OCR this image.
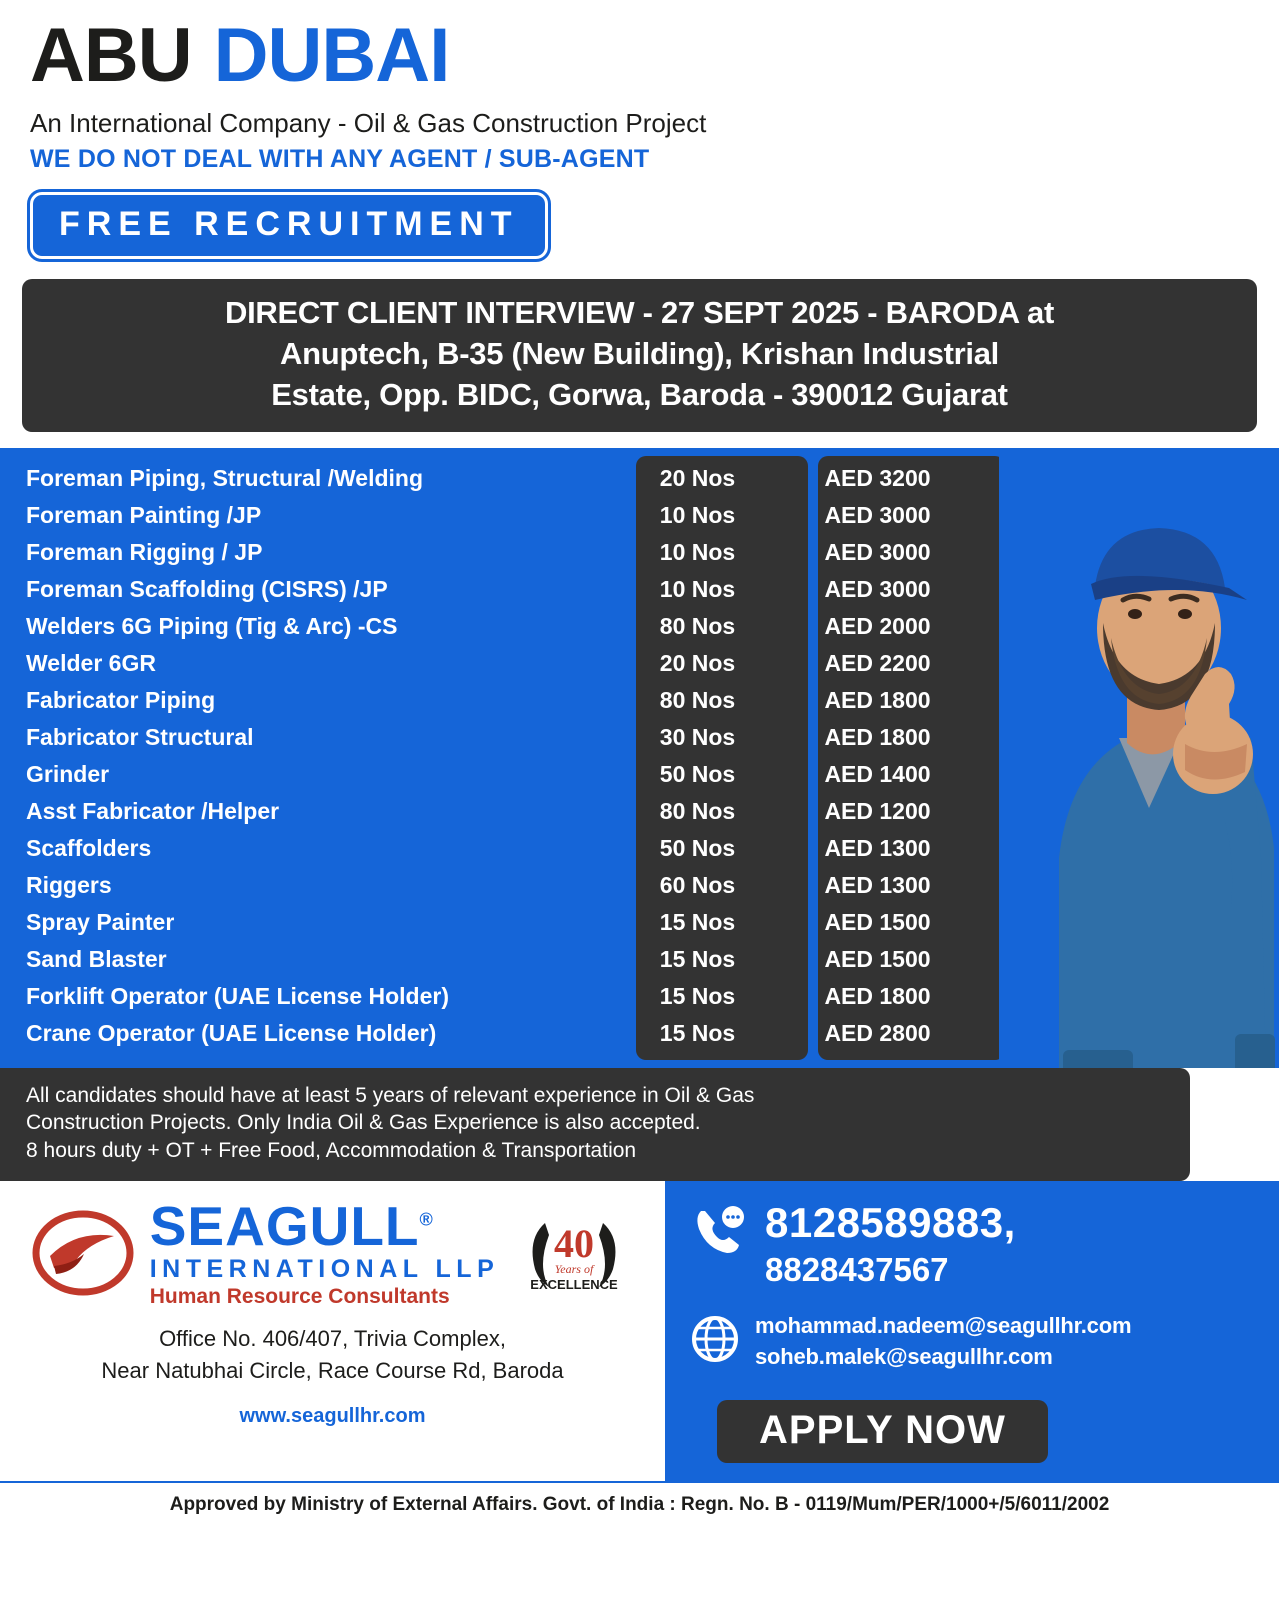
ABU DUBAI
An International Company - Oil & Gas Construction Project
WE DO NOT DEAL WITH ANY AGENT / SUB-AGENT
FREE RECRUITMENT
DIRECT CLIENT INTERVIEW - 27 SEPT 2025 - BARODA at
Anuptech, B-35 (New Building), Krishan Industrial
Estate, Opp. BIDC, Gorwa, Baroda - 390012 Gujarat
Foreman Piping, Structural /Welding	20 Nos	AED 3200
Foreman Painting /JP	10 Nos	AED 3000
Foreman Rigging / JP	10 Nos	AED 3000
Foreman Scaffolding (CISRS) /JP	10 Nos	AED 3000
Welders 6G Piping (Tig & Arc) -CS	80 Nos	AED 2000
Welder 6GR	20 Nos	AED 2200
Fabricator Piping	80 Nos	AED 1800
Fabricator Structural	30 Nos	AED 1800
Grinder	50 Nos	AED 1400
Asst Fabricator /Helper	80 Nos	AED 1200
Scaffolders	50 Nos	AED 1300
Riggers	60 Nos	AED 1300
Spray Painter	15 Nos	AED 1500
Sand Blaster	15 Nos	AED 1500
Forklift Operator (UAE License Holder)	15 Nos	AED 1800
Crane Operator (UAE License Holder)	15 Nos	AED 2800
All candidates should have at least 5 years of relevant experience in Oil & Gas
Construction Projects. Only India Oil & Gas Experience is also accepted.
8 hours duty + OT + Free Food, Accommodation & Transportation
SEAGULL®
INTERNATIONAL LLP
Human Resource Consultants
40
Years of
EXCELLENCE
Office No. 406/407, Trivia Complex,
Near Natubhai Circle, Race Course Rd, Baroda
www.seagullhr.com
8128589883,
8828437567
mohammad.nadeem@seagullhr.com
soheb.malek@seagullhr.com
APPLY NOW
Approved by Ministry of External Affairs. Govt. of India : Regn. No. B - 0119/Mum/PER/1000+/5/6011/2002
